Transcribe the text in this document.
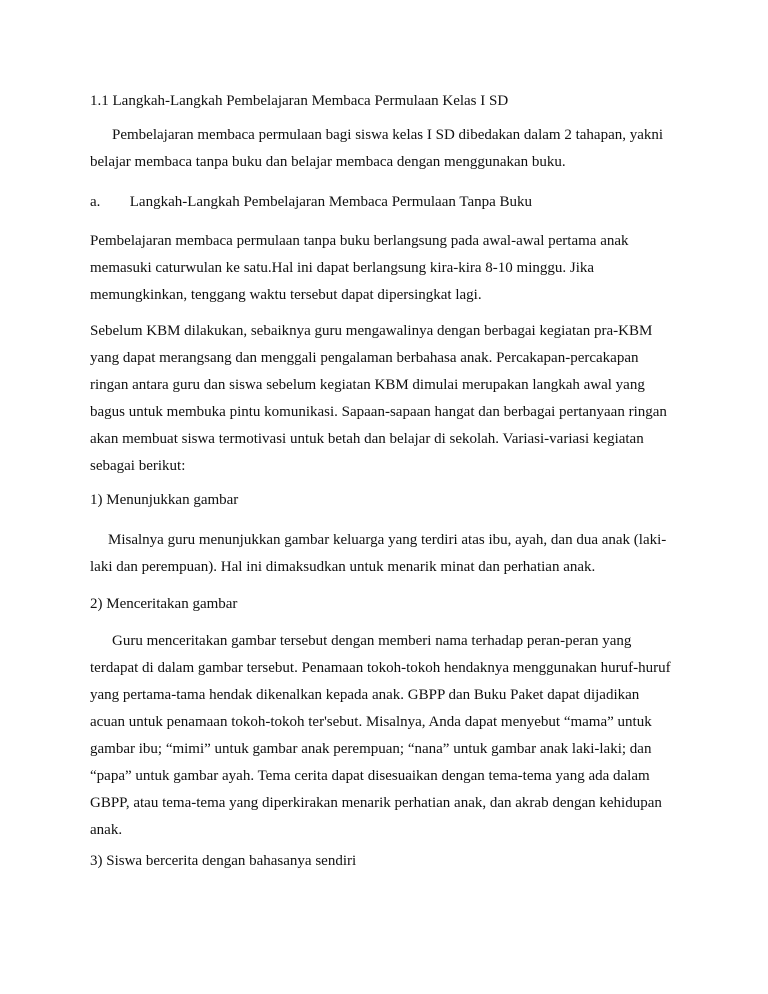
1.1 Langkah-Langkah Pembelajaran Membaca Permulaan Kelas I SD
Pembelajaran membaca permulaan bagi siswa kelas I SD dibedakan dalam 2 tahapan, yakni
belajar membaca tanpa buku dan belajar membaca dengan menggunakan buku.
a. Langkah-Langkah Pembelajaran Membaca Permulaan Tanpa Buku
Pembelajaran membaca permulaan tanpa buku berlangsung pada awal-awal pertama anak
memasuki caturwulan ke satu.Hal ini dapat berlangsung kira-kira 8-10 minggu. Jika
memungkinkan, tenggang waktu tersebut dapat dipersingkat lagi.
Sebelum KBM dilakukan, sebaiknya guru mengawalinya dengan berbagai kegiatan pra-KBM
yang dapat merangsang dan menggali pengalaman berbahasa anak. Percakapan-percakapan
ringan antara guru dan siswa sebelum kegiatan KBM dimulai merupakan langkah awal yang
bagus untuk membuka pintu komunikasi. Sapaan-sapaan hangat dan berbagai pertanyaan ringan
akan membuat siswa termotivasi untuk betah dan belajar di sekolah. Variasi-variasi kegiatan
sebagai berikut:
1) Menunjukkan gambar
Misalnya guru menunjukkan gambar keluarga yang terdiri atas ibu, ayah, dan dua anak (laki-
laki dan perempuan). Hal ini dimaksudkan untuk menarik minat dan perhatian anak.
2) Menceritakan gambar
Guru menceritakan gambar tersebut dengan memberi nama terhadap peran-peran yang
terdapat di dalam gambar tersebut. Penamaan tokoh-tokoh hendaknya menggunakan huruf-huruf
yang pertama-tama hendak dikenalkan kepada anak. GBPP dan Buku Paket dapat dijadikan
acuan untuk penamaan tokoh-tokoh ter'sebut. Misalnya, Anda dapat menyebut “mama” untuk
gambar ibu; “mimi” untuk gambar anak perempuan; “nana” untuk gambar anak laki-laki; dan
“papa” untuk gambar ayah. Tema cerita dapat disesuaikan dengan tema-tema yang ada dalam
GBPP, atau tema-tema yang diperkirakan menarik perhatian anak, dan akrab dengan kehidupan
anak.
3) Siswa bercerita dengan bahasanya sendiri
